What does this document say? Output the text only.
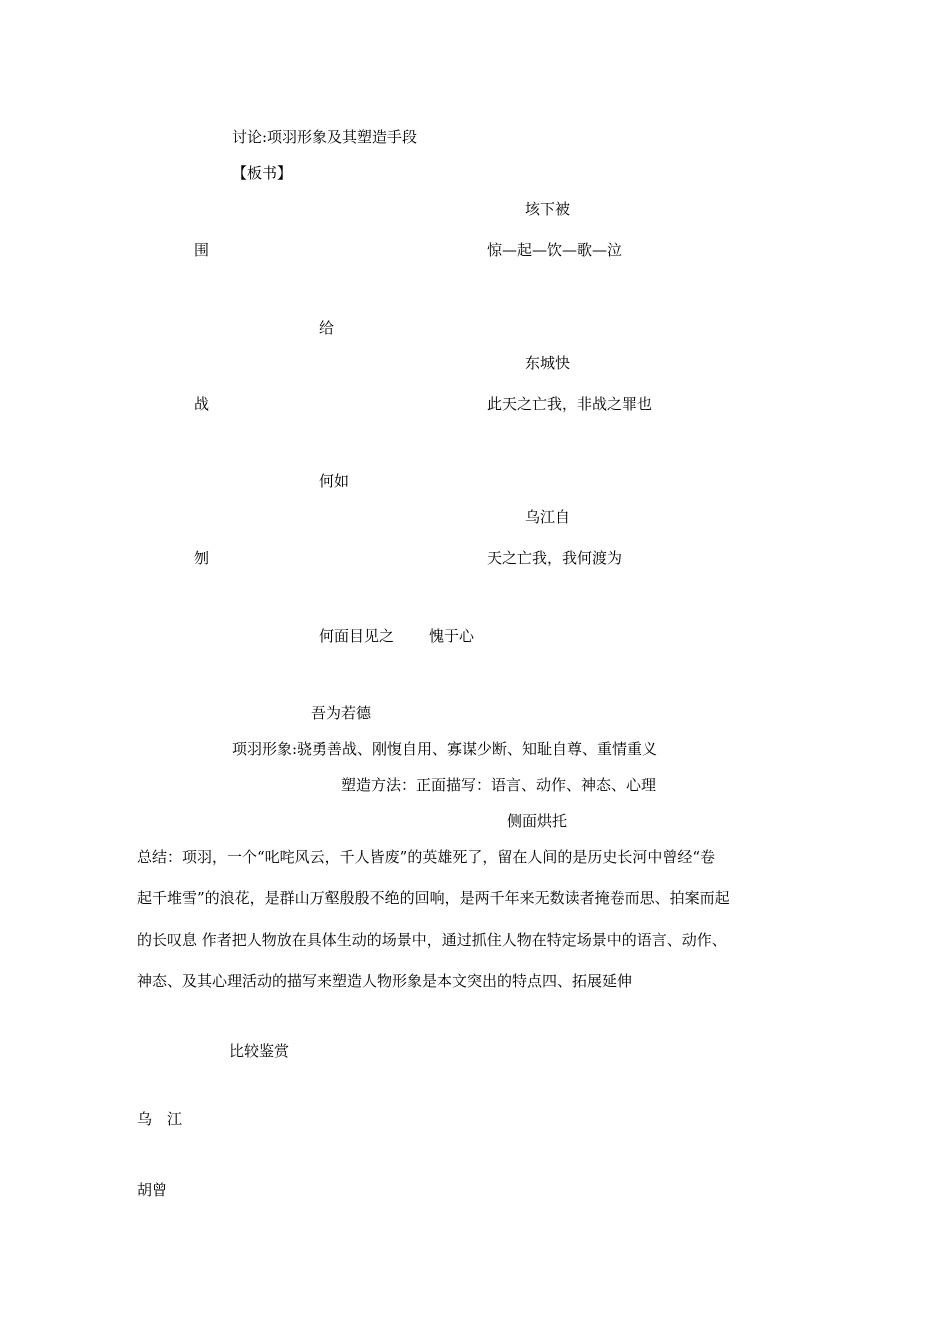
讨论:项羽形象及其塑造手段
【板书】
垓下被
围	惊—起—饮—歌—泣
给
东城快
战	此天之亡我，非战之罪也
何如
乌江自
刎	天之亡我，我何渡为
何面目见之 愧于心
吾为若德
项羽形象:骁勇善战、刚愎自用、寡谋少断、知耻自尊、重情重义
塑造方法：正面描写：语言、动作、神态、心理
侧面烘托
总结：项羽，一个“叱咤风云，千人皆废”的英雄死了，留在人间的是历史长河中曾经“卷
起千堆雪”的浪花，是群山万壑殷殷不绝的回响，是两千年来无数读者掩卷而思、拍案而起
的长叹息 作者把人物放在具体生动的场景中，通过抓住人物在特定场景中的语言、动作、
神态、及其心理活动的描写来塑造人物形象是本文突出的特点四、拓展延伸
比较鉴赏
乌　江
胡曾
